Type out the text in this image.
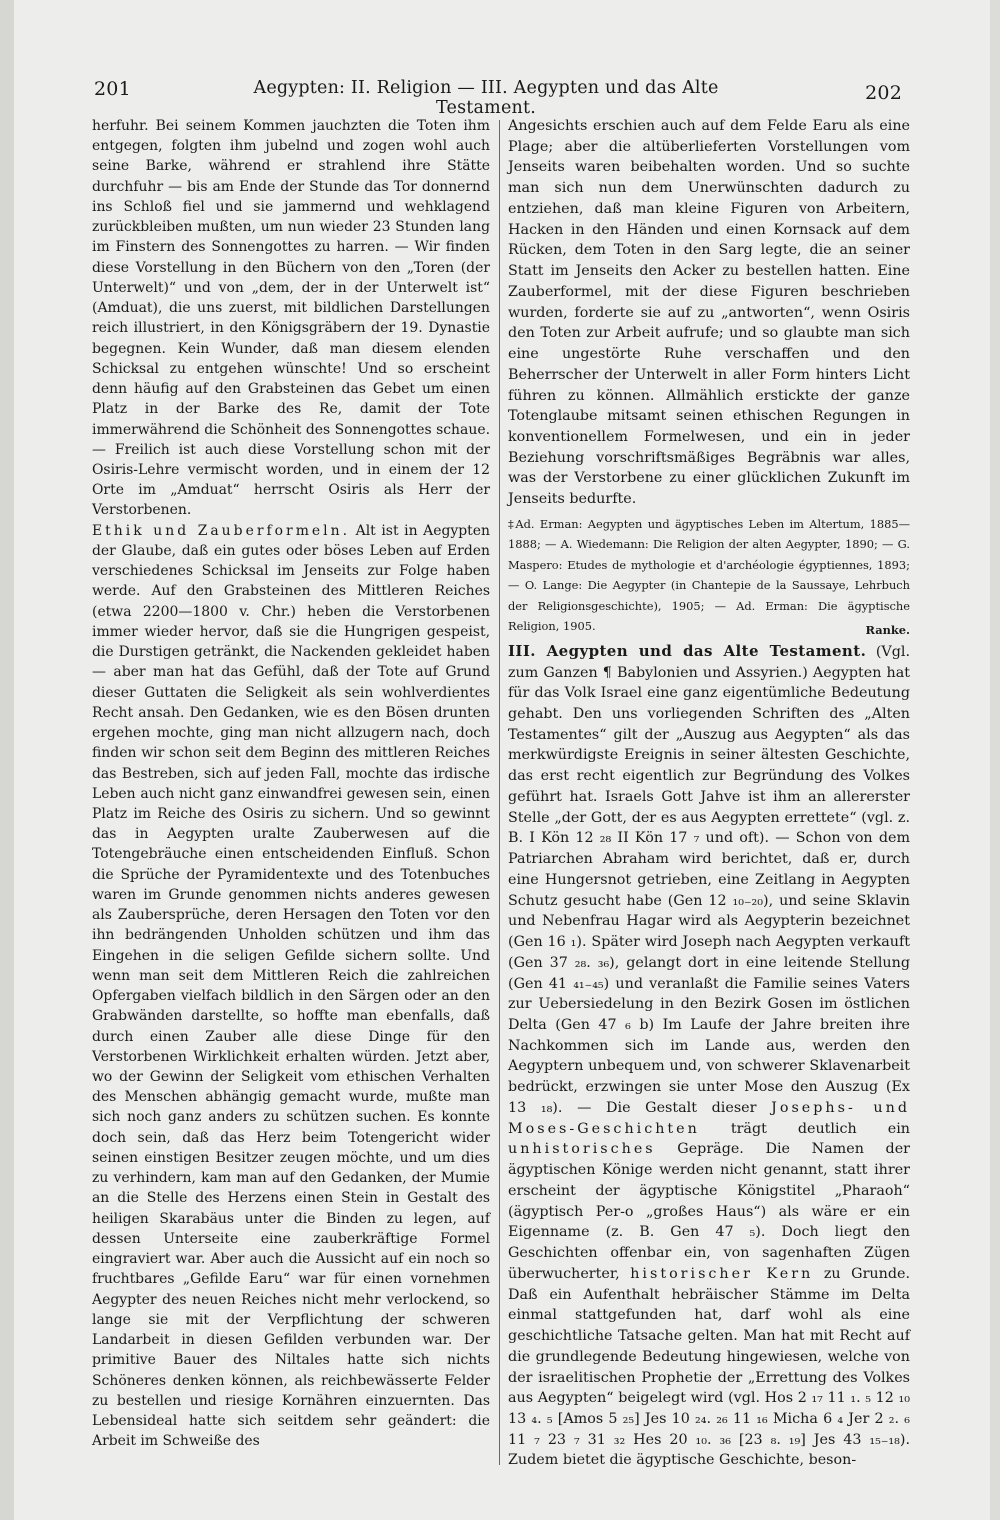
201	Aegypten: II. Religion — III. Aegypten und das Alte Testament.
202

herfuhr. Bei seinem Kommen jauchzten die Toten ihm entgegen, folgten ihm jubelnd und zogen wohl auch seine Barke, während er strahlend ihre Stätte durchfuhr — bis am Ende der Stunde das Tor donnernd ins Schloß fiel und sie jammernd und wehklagend zurückbleiben mußten, um nun wieder 23 Stunden lang im Finstern des Sonnengottes zu harren. — Wir finden diese Vorstellung in den Büchern von den „Toren (der Unterwelt)“ und von „dem, der in der Unterwelt ist“ (Amduat), die uns zuerst, mit bildlichen Darstellungen reich illustriert, in den Königsgräbern der 19. Dynastie begegnen. Kein Wunder, daß man diesem elenden Schicksal zu entgehen wünschte! Und so erscheint denn häufig auf den Grabsteinen das Gebet um einen Platz in der Barke des Re, damit der Tote immerwährend die Schönheit des Sonnengottes schaue. — Freilich ist auch diese Vorstellung schon mit der Osiris-Lehre vermischt worden, und in einem der 12 Orte im „Amduat“ herrscht Osiris als Herr der Verstorbenen.

Ethik und Zauberformeln. Alt ist in Aegypten der Glaube, daß ein gutes oder böses Leben auf Erden verschiedenes Schicksal im Jenseits zur Folge haben werde. Auf den Grabsteinen des Mittleren Reiches (etwa 2200—1800 v. Chr.) heben die Verstorbenen immer wieder hervor, daß sie die Hungrigen gespeist, die Durstigen getränkt, die Nackenden gekleidet haben — aber man hat das Gefühl, daß der Tote auf Grund dieser Guttaten die Seligkeit als sein wohlverdientes Recht ansah. Den Gedanken, wie es den Bösen drunten ergehen mochte, ging man nicht allzugern nach, doch finden wir schon seit dem Beginn des mittleren Reiches das Bestreben, sich auf jeden Fall, mochte das irdische Leben auch nicht ganz einwandfrei gewesen sein, einen Platz im Reiche des Osiris zu sichern. Und so gewinnt das in Aegypten uralte Zauberwesen auf die Totengebräuche einen entscheidenden Einfluß. Schon die Sprüche der Pyramidentexte und des Totenbuches waren im Grunde genommen nichts anderes gewesen als Zaubersprüche, deren Hersagen den Toten vor den ihn bedrängenden Unholden schützen und ihm das Eingehen in die seligen Gefilde sichern sollte. Und wenn man seit dem Mittleren Reich die zahlreichen Opfergaben vielfach bildlich in den Särgen oder an den Grabwänden darstellte, so hoffte man ebenfalls, daß durch einen Zauber alle diese Dinge für den Verstorbenen Wirklichkeit erhalten würden. Jetzt aber, wo der Gewinn der Seligkeit vom ethischen Verhalten des Menschen abhängig gemacht wurde, mußte man sich noch ganz anders zu schützen suchen. Es konnte doch sein, daß das Herz beim Totengericht wider seinen einstigen Besitzer zeugen möchte, und um dies zu verhindern, kam man auf den Gedanken, der Mumie an die Stelle des Herzens einen Stein in Gestalt des heiligen Skarabäus unter die Binden zu legen, auf dessen Unterseite eine zauberkräftige Formel eingraviert war. Aber auch die Aussicht auf ein noch so fruchtbares „Gefilde Earu“ war für einen vornehmen Aegypter des neuen Reiches nicht mehr verlockend, so lange sie mit der Verpflichtung der schweren Landarbeit in diesen Gefilden verbunden war. Der primitive Bauer des Niltales hatte sich nichts Schöneres denken können, als reichbewässerte Felder zu bestellen und riesige Kornähren einzuernten. Das Lebensideal hatte sich seitdem sehr geändert: die Arbeit im Schweiße des

Angesichts erschien auch auf dem Felde Earu als eine Plage; aber die altüberlieferten Vorstellungen vom Jenseits waren beibehalten worden. Und so suchte man sich nun dem Unerwünschten dadurch zu entziehen, daß man kleine Figuren von Arbeitern, Hacken in den Händen und einen Kornsack auf dem Rücken, dem Toten in den Sarg legte, die an seiner Statt im Jenseits den Acker zu bestellen hatten. Eine Zauberformel, mit der diese Figuren beschrieben wurden, forderte sie auf zu „antworten“, wenn Osiris den Toten zur Arbeit aufrufe; und so glaubte man sich eine ungestörte Ruhe verschaffen und den Beherrscher der Unterwelt in aller Form hinters Licht führen zu können. Allmählich erstickte der ganze Totenglaube mitsamt seinen ethischen Regungen in konventionellem Formelwesen, und ein in jeder Beziehung vorschriftsmäßiges Begräbnis war alles, was der Verstorbene zu einer glücklichen Zukunft im Jenseits bedurfte.

‡Ad. Erman: Aegypten und ägyptisches Leben im Altertum, 1885—1888; — A. Wiedemann: Die Religion der alten Aegypter, 1890; — G. Maspero: Etudes de mythologie et d'archéologie égyptiennes, 1893; — O. Lange: Die Aegypter (in Chantepie de la Saussaye, Lehrbuch der Religionsgeschichte), 1905; — Ad. Erman: Die ägyptische Religion, 1905.	Ranke.

III. Aegypten und das Alte Testament. (Vgl. zum Ganzen ¶ Babylonien und Assyrien.) Aegypten hat für das Volk Israel eine ganz eigentümliche Bedeutung gehabt. Den uns vorliegenden Schriften des „Alten Testamentes“ gilt der „Auszug aus Aegypten“ als das merkwürdigste Ereignis in seiner ältesten Geschichte, das erst recht eigentlich zur Begründung des Volkes geführt hat. Israels Gott Jahve ist ihm an allererster Stelle „der Gott, der es aus Aegypten errettete“ (vgl. z. B. I Kön 12 ₂₈ II Kön 17 ₇ und oft). — Schon von dem Patriarchen Abraham wird berichtet, daß er, durch eine Hungersnot getrieben, eine Zeitlang in Aegypten Schutz gesucht habe (Gen 12 ₁₀₋₂₀), und seine Sklavin und Nebenfrau Hagar wird als Aegypterin bezeichnet (Gen 16 ₁). Später wird Joseph nach Aegypten verkauft (Gen 37 ₂₈. ₃₆), gelangt dort in eine leitende Stellung (Gen 41 ₄₁₋₄₅) und veranlaßt die Familie seines Vaters zur Uebersiedelung in den Bezirk Gosen im östlichen Delta (Gen 47 ₆ b) Im Laufe der Jahre breiten ihre Nachkommen sich im Lande aus, werden den Aegyptern unbequem und, von schwerer Sklavenarbeit bedrückt, erzwingen sie unter Mose den Auszug (Ex 13 ₁₈). — Die Gestalt dieser Josephs- und Moses-Geschichten trägt deutlich ein unhistorisches Gepräge. Die Namen der ägyptischen Könige werden nicht genannt, statt ihrer erscheint der ägyptische Königstitel „Pharaoh“ (ägyptisch Per-o „großes Haus“) als wäre er ein Eigenname (z. B. Gen 47 ₅). Doch liegt den Geschichten offenbar ein, von sagenhaften Zügen überwucherter, historischer Kern zu Grunde. Daß ein Aufenthalt hebräischer Stämme im Delta einmal stattgefunden hat, darf wohl als eine geschichtliche Tatsache gelten. Man hat mit Recht auf die grundlegende Bedeutung hingewiesen, welche von der israelitischen Prophetie der „Errettung des Volkes aus Aegypten“ beigelegt wird (vgl. Hos 2 ₁₇ 11 ₁. ₅ 12 ₁₀ 13 ₄. ₅ [Amos 5 ₂₅] Jes 10 ₂₄. ₂₆ 11 ₁₆ Micha 6 ₄ Jer 2 ₂. ₆ 11 ₇ 23 ₇ 31 ₃₂ Hes 20 ₁₀. ₃₆ [23 ₈. ₁₉] Jes 43 ₁₅₋₁₈). Zudem bietet die ägyptische Geschichte, beson-
